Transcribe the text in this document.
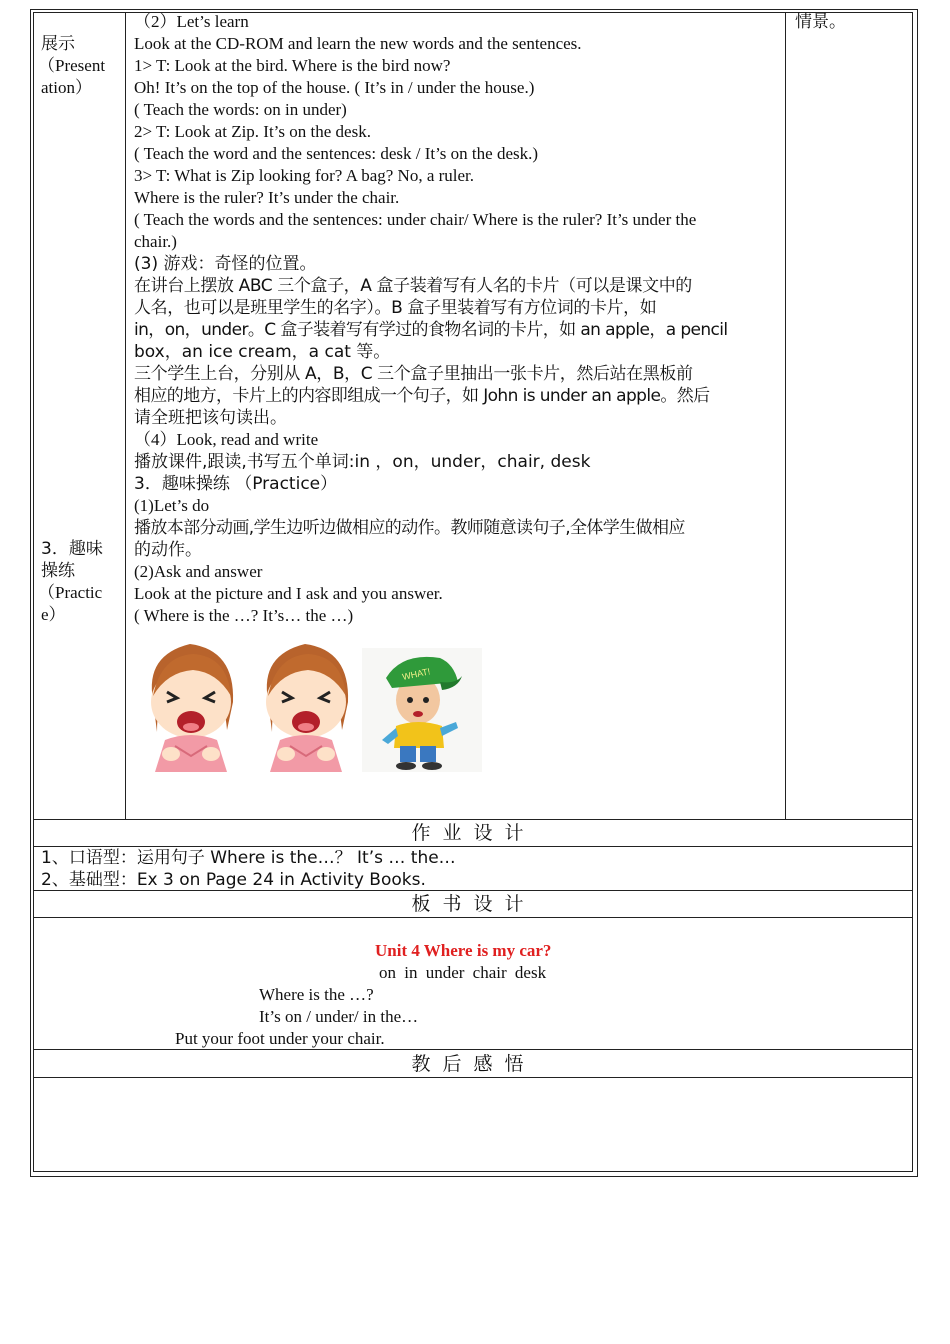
展示
（Present
ation）
3．趣味
操练
（Practic
e）
情景。
（2）Let’s learn
Look at the CD-ROM and learn the new words and the sentences.
1> T: Look at the bird. Where is the bird now?
Oh! It’s on the top of the house. ( It’s in / under the house.)
( Teach the words: on in under)
2> T: Look at Zip. It’s on the desk.
( Teach the word and the sentences: desk / It’s on the desk.)
3> T: What is Zip looking for? A bag? No, a ruler.
Where is the ruler? It’s under the chair.
( Teach the words and the sentences: under chair/ Where is the ruler? It’s under the
chair.)
(3) 游戏：奇怪的位置。
在讲台上摆放 ABC 三个盒子，A 盒子装着写有人名的卡片（可以是课文中的
人名，也可以是班里学生的名字）。B 盒子里装着写有方位词的卡片，如
in，on，under。C 盒子装着写有学过的食物名词的卡片，如 an apple，a pencil
box，an ice cream，a cat 等。
三个学生上台，分别从 A，B，C 三个盒子里抽出一张卡片，然后站在黑板前
相应的地方，卡片上的内容即组成一个句子，如 John is under an apple。然后
请全班把该句读出。
（4）Look, read and write
播放课件,跟读,书写五个单词:in ，on，under，chair, desk
3．趣味操练 （Practice）
(1)Let’s do
播放本部分动画,学生边听边做相应的动作。教师随意读句子,全体学生做相应
的动作。
(2)Ask and answer
Look at the picture and I ask and you answer.
( Where is the …? It’s… the …)
WHAT!
作业设计
1、口语型：运用句子 Where is the…？ It’s … the…
2、基础型：Ex 3 on Page 24 in Activity Books.
板书设计
Unit 4 Where is my car?
on in under chair desk
Where is the …?
It’s on / under/ in the…
Put your foot under your chair.
教后感悟
